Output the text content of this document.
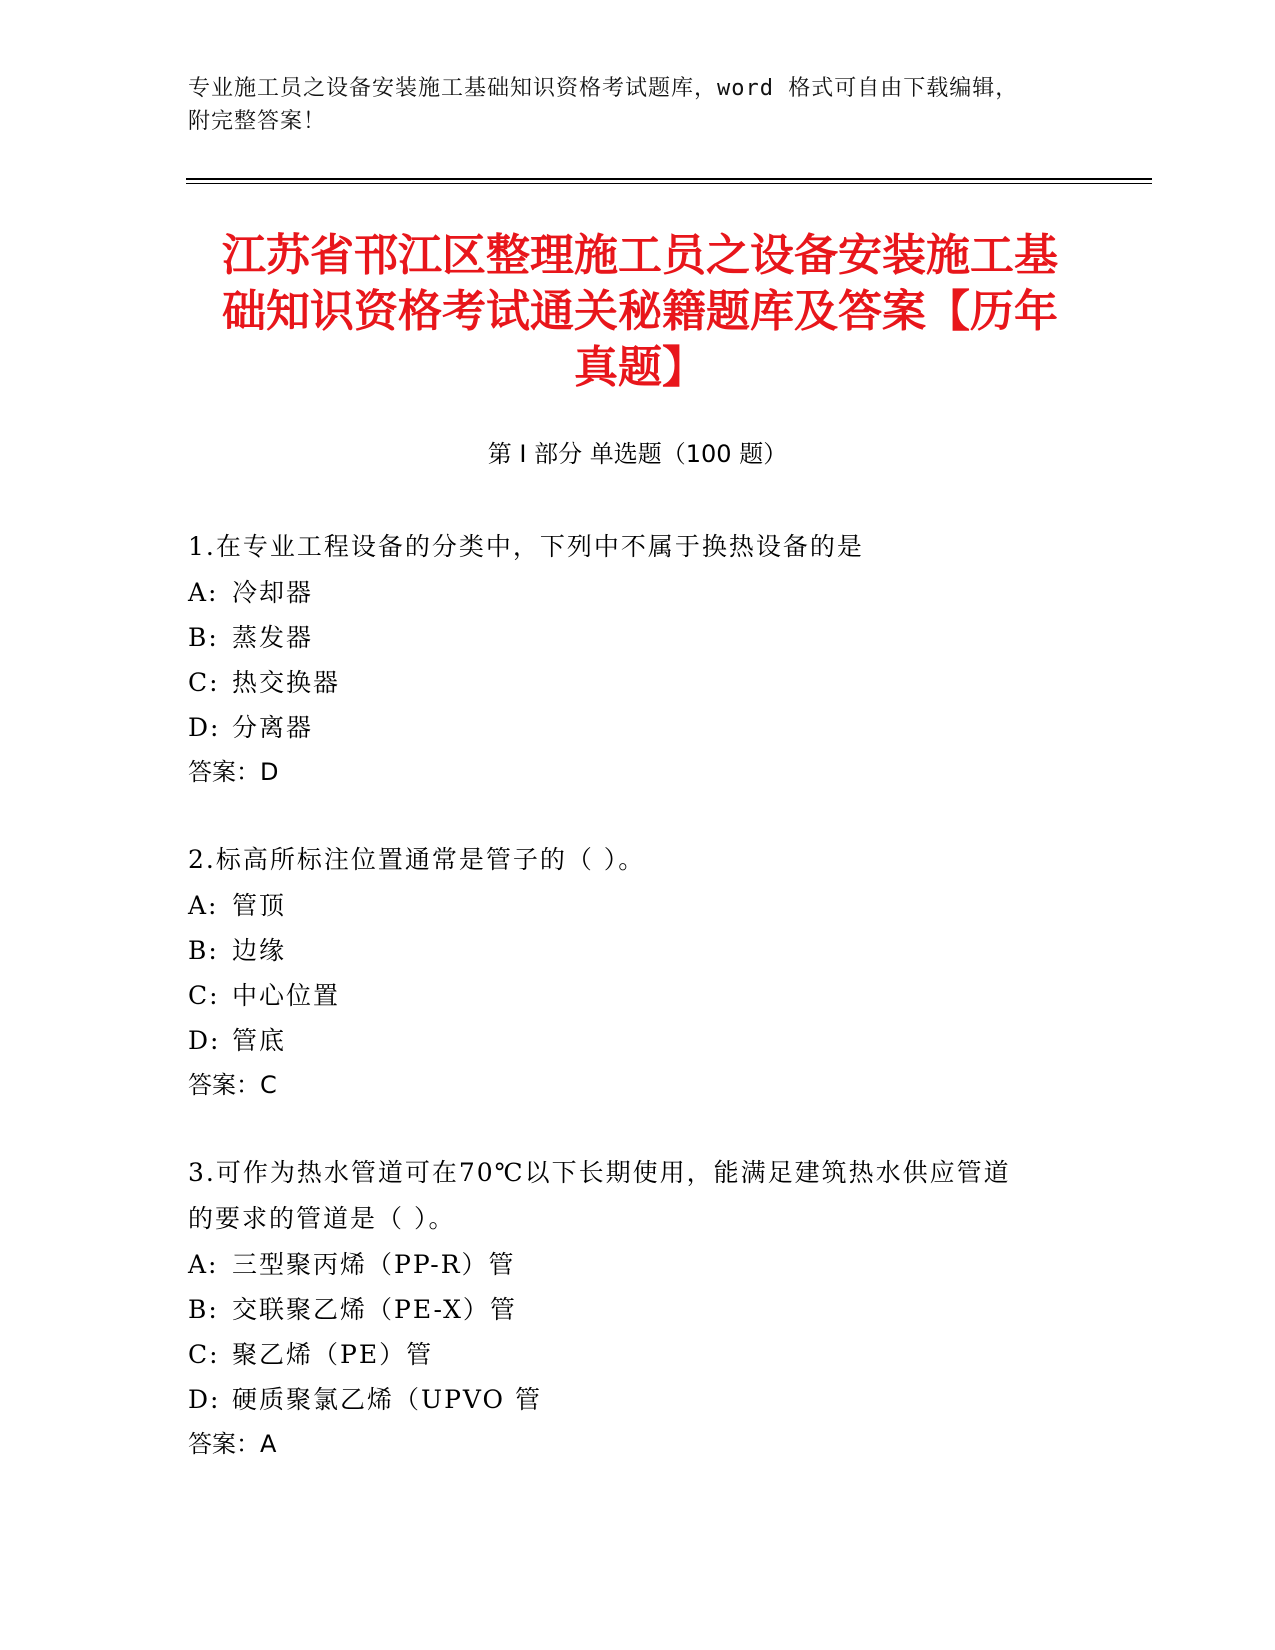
专业施工员之设备安装施工基础知识资格考试题库，word 格式可自由下载编辑，
附完整答案！
江苏省邗江区整理施工员之设备安装施工基
础知识资格考试通关秘籍题库及答案【历年
真题】
第 I 部分 单选题（100 题）
1.在专业工程设备的分类中，下列中不属于换热设备的是
A: 冷却器
B: 蒸发器
C: 热交换器
D: 分离器
答案：D
2.标高所标注位置通常是管子的（ ）。
A: 管顶
B: 边缘
C: 中心位置
D: 管底
答案：C
3.可作为热水管道可在70℃以下长期使用，能满足建筑热水供应管道
的要求的管道是（ ）。
A: 三型聚丙烯（PP-R）管
B: 交联聚乙烯（PE-X）管
C: 聚乙烯（PE）管
D: 硬质聚氯乙烯（UPVO 管
答案：A
